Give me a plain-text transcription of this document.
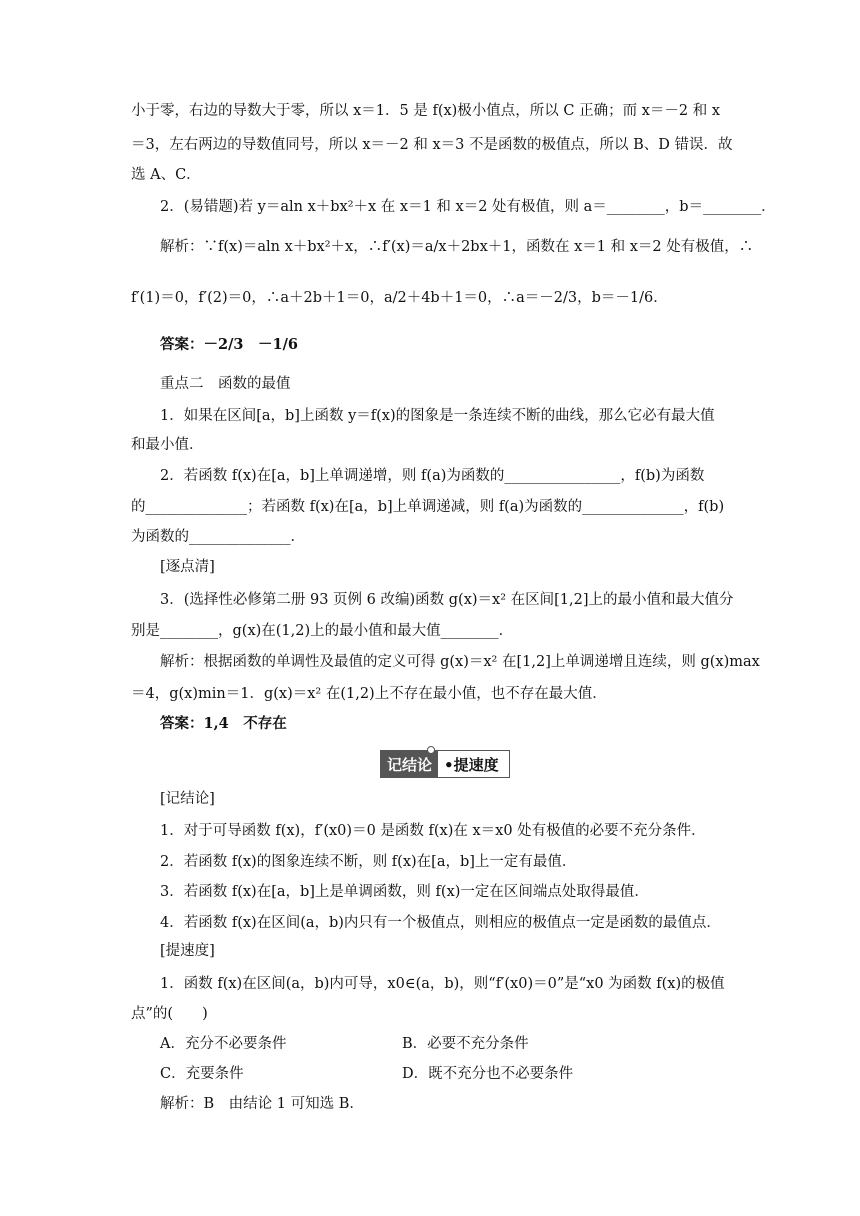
小于零，右边的导数大于零，所以 x＝1．5 是 f(x)极小值点，所以 C 正确；而 x＝－2 和 x
＝3，左右两边的导数值同号，所以 x＝－2 和 x＝3 不是函数的极值点，所以 B、D 错误．故
选 A、C．
2．(易错题)若 y＝aln x＋bx²＋x 在 x＝1 和 x＝2 处有极值，则 a＝________，b＝________．
解析：∵f(x)＝aln x＋bx²＋x，∴f′(x)＝a/x＋2bx＋1，函数在 x＝1 和 x＝2 处有极值，∴
f′(1)＝0，f′(2)＝0，∴a＋2b＋1＝0，a/2＋4b＋1＝0，∴a＝－2/3，b＝－1/6．
答案：－2/3　－1/6
重点二　函数的最值
1．如果在区间[a，b]上函数 y＝f(x)的图象是一条连续不断的曲线，那么它必有最大值
和最小值．
2．若函数 f(x)在[a，b]上单调递增，则 f(a)为函数的________________，f(b)为函数
的______________；若函数 f(x)在[a，b]上单调递减，则 f(a)为函数的______________，f(b)
为函数的______________．
[逐点清]
3．(选择性必修第二册 93 页例 6 改编)函数 g(x)＝x² 在区间[1,2]上的最小值和最大值分
别是________，g(x)在(1,2)上的最小值和最大值________．
解析：根据函数的单调性及最值的定义可得 g(x)＝x² 在[1,2]上单调递增且连续，则 g(x)max
＝4，g(x)min＝1．g(x)＝x² 在(1,2)上不存在最小值，也不存在最大值．
答案：1,4　不存在
记结论 •提速度
[记结论]
1．对于可导函数 f(x)，f′(x0)＝0 是函数 f(x)在 x＝x0 处有极值的必要不充分条件．
2．若函数 f(x)的图象连续不断，则 f(x)在[a，b]上一定有最值．
3．若函数 f(x)在[a，b]上是单调函数，则 f(x)一定在区间端点处取得最值．
4．若函数 f(x)在区间(a，b)内只有一个极值点，则相应的极值点一定是函数的最值点．
[提速度]
1．函数 f(x)在区间(a，b)内可导，x0∈(a，b)，则“f′(x0)＝0”是“x0 为函数 f(x)的极值
点”的(　　)
A．充分不必要条件	B．必要不充分条件
C．充要条件	D．既不充分也不必要条件
解析：B　由结论 1 可知选 B．
